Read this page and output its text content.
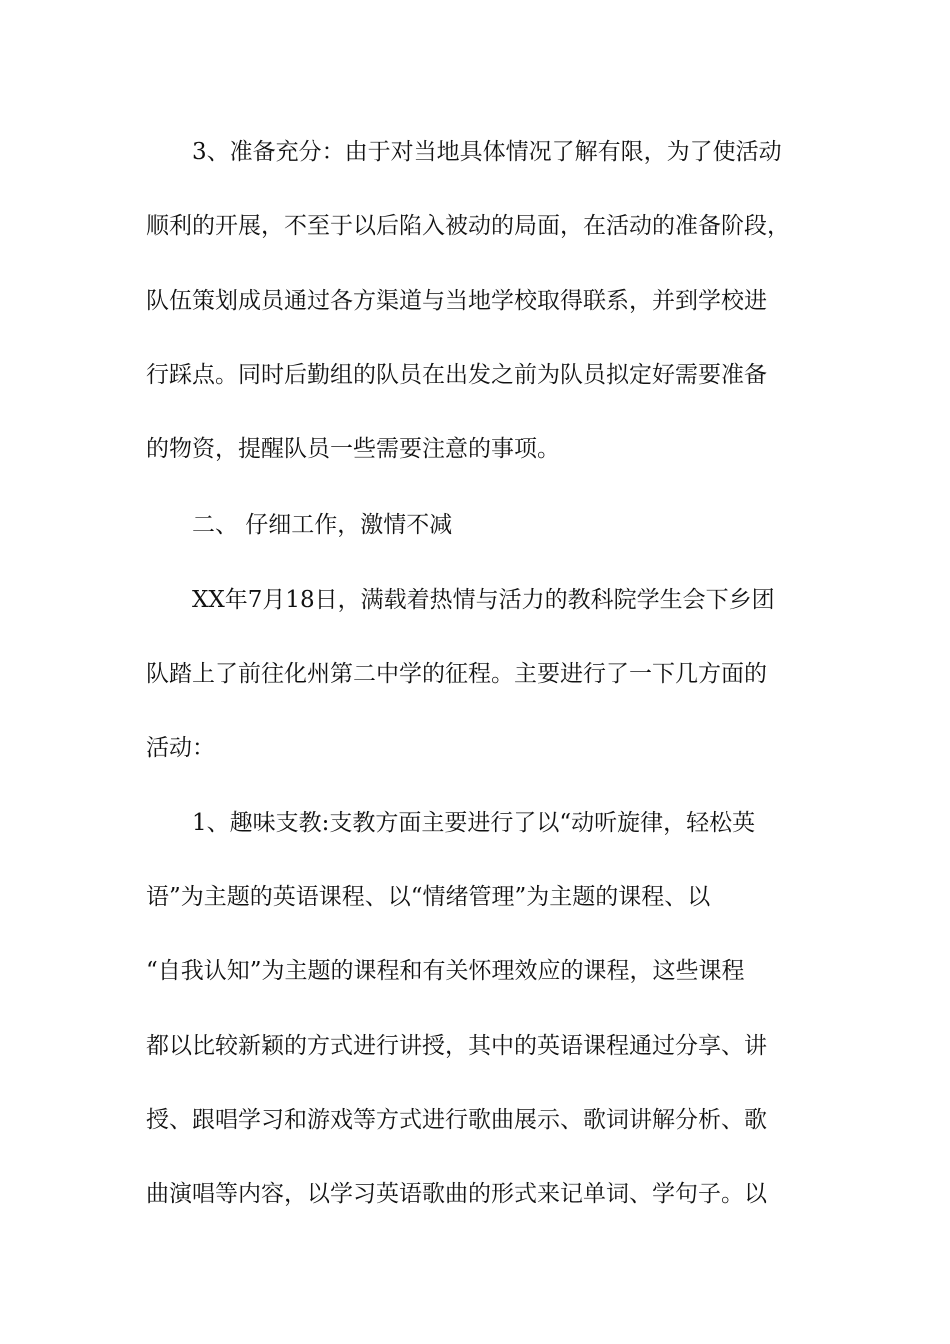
3、准备充分：由于对当地具体情况了解有限，为了使活动
顺利的开展，不至于以后陷入被动的局面，在活动的准备阶段，
队伍策划成员通过各方渠道与当地学校取得联系，并到学校进
行踩点。同时后勤组的队员在出发之前为队员拟定好需要准备
的物资，提醒队员一些需要注意的事项。
二、 仔细工作，激情不减
XX年7月18日，满载着热情与活力的教科院学生会下乡团
队踏上了前往化州第二中学的征程。主要进行了一下几方面的
活动：
1、趣味支教:支教方面主要进行了以“动听旋律，轻松英
语”为主题的英语课程、以“情绪管理”为主题的课程、以
“自我认知”为主题的课程和有关怀理效应的课程，这些课程
都以比较新颖的方式进行讲授，其中的英语课程通过分享、讲
授、跟唱学习和游戏等方式进行歌曲展示、歌词讲解分析、歌
曲演唱等内容，以学习英语歌曲的形式来记单词、学句子。以
